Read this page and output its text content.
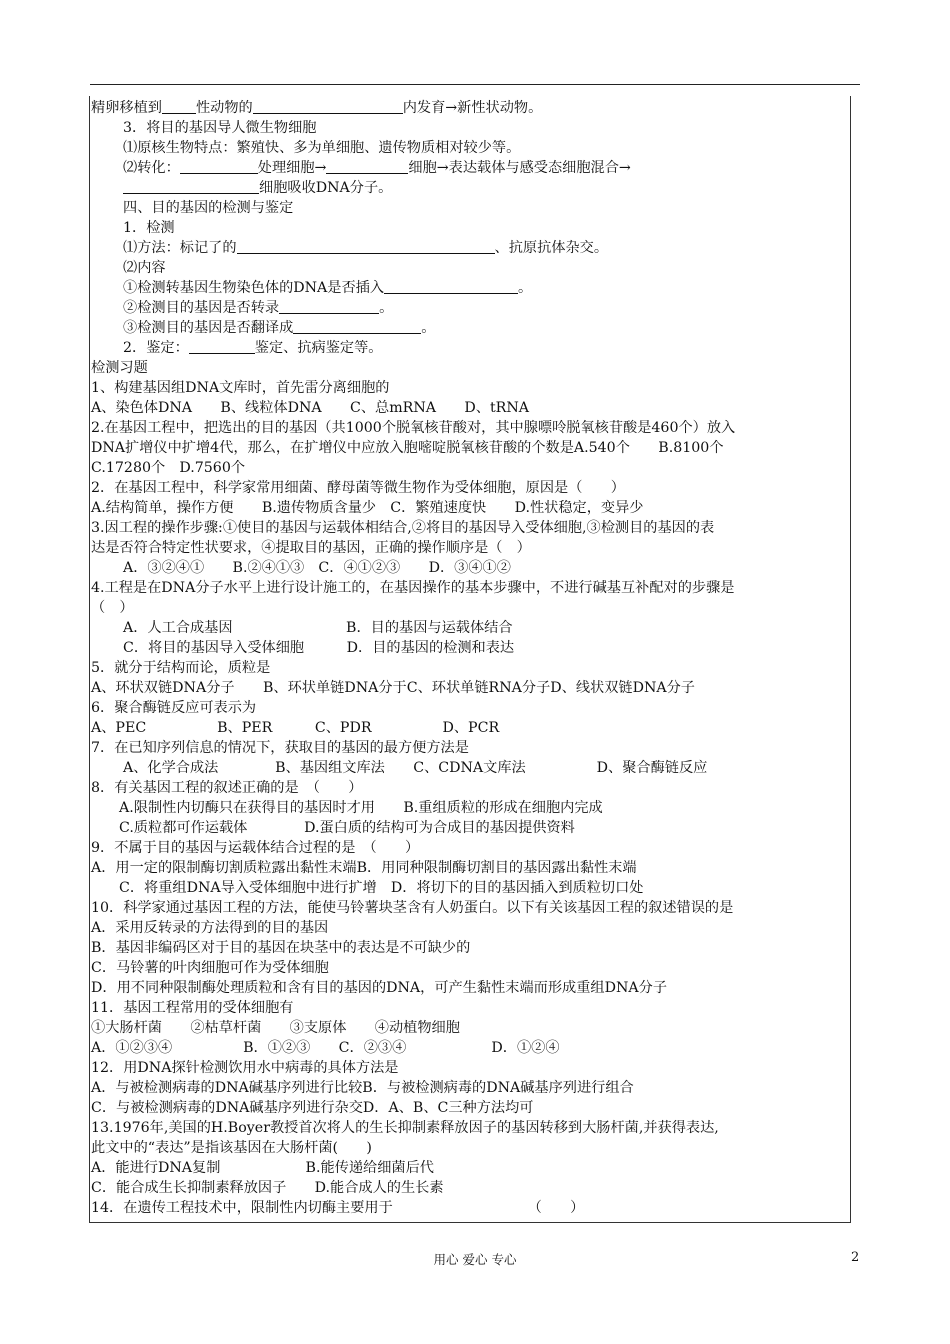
精卵移植到 性动物的	内发育→新性状动物。
3．将目的基因导人微生物细胞
⑴原核生物特点：繁殖快、多为单细胞、遗传物质相对较少等。
⑵转化：	处理细胞→	细胞→表达载体与感受态细胞混合→
细胞吸收DNA分子。
四、目的基因的检测与鉴定
1．检测
⑴方法：标记了的	、抗原抗体杂交。
⑵内容
①检测转基因生物染色体的DNA是否插入	。
②检测目的基因是否转录	。
③检测目的基因是否翻译成	。
2．鉴定：	鉴定、抗病鉴定等。
检测习题
1、构建基因组DNA文库时，首先雷分离细胞的
A、染色体DNA　　B、线粒体DNA　　C、总mRNA　　D、tRNA
2.在基因工程中，把选出的目的基因（共1000个脱氧核苷酸对，其中腺嘌呤脱氧核苷酸是460个）放入
DNA扩增仪中扩增4代，那么，在扩增仪中应放入胞嘧啶脱氧核苷酸的个数是A.540个　　B.8100个
C.17280个　D.7560个
2．在基因工程中，科学家常用细菌、酵母菌等微生物作为受体细胞，原因是（　　）
A.结构简单，操作方便　　B.遗传物质含量少　C．繁殖速度快　　D.性状稳定，变异少
3.因工程的操作步骤:①使目的基因与运载体相结合,②将目的基因导入受体细胞,③检测目的基因的表
达是否符合特定性状要求，④提取目的基因，正确的操作顺序是（　）
A．③②④①　　B.②④①③　C．④①②③　　D．③④①②
4.工程是在DNA分子水平上进行设计施工的，在基因操作的基本步骤中，不进行碱基互补配对的步骤是
（　）
A．人工合成基因　　　　　　　　B．目的基因与运载体结合
C．将目的基因导入受体细胞　　　D．目的基因的检测和表达
5．就分于结构而论，质粒是
A、环状双链DNA分子　　B、环状单链DNA分于C、环状单链RNA分子D、线状双链DNA分子
6．聚合酶链反应可表示为
A、PEC　　　　　B、PER　　　C、PDR　　　　　D、PCR
7．在已知序列信息的情况下，获取目的基因的最方便方法是
A、化学合成法　　　　B、基因组文库法　　C、CDNA文库法　　　　　D、聚合酶链反应
8．有关基因工程的叙述正确的是　（　　）
A.限制性内切酶只在获得目的基因时才用　　B.重组质粒的形成在细胞内完成
C.质粒都可作运载体　　　　D.蛋白质的结构可为合成目的基因提供资料
9．不属于目的基因与运载体结合过程的是　（　　）
A．用一定的限制酶切割质粒露出黏性末端B．用同种限制酶切割目的基因露出黏性末端
C．将重组DNA导入受体细胞中进行扩增　D．将切下的目的基因插入到质粒切口处
10．科学家通过基因工程的方法，能使马铃薯块茎含有人奶蛋白。以下有关该基因工程的叙述错误的是
A．采用反转录的方法得到的目的基因
B．基因非编码区对于目的基因在块茎中的表达是不可缺少的
C．马铃薯的叶肉细胞可作为受体细胞
D．用不同种限制酶处理质粒和含有目的基因的DNA，可产生黏性末端而形成重组DNA分子
11．基因工程常用的受体细胞有
①大肠杆菌　　②枯草杆菌　　③支原体　　④动植物细胞
A．①②③④　　　　　B．①②③　　C．②③④　　　　　　D．①②④
12．用DNA探针检测饮用水中病毒的具体方法是
A．与被检测病毒的DNA碱基序列进行比较B．与被检测病毒的DNA碱基序列进行组合
C．与被检测病毒的DNA碱基序列进行杂交D．A、B、C三种方法均可
13.1976年,美国的H.Boyer教授首次将人的生长抑制素释放因子的基因转移到大肠杆菌,并获得表达,
此文中的“表达”是指该基因在大肠杆菌(　　)
A．能进行DNA复制　　　　　　B.能传递给细菌后代
C．能合成生长抑制素释放因子　　D.能合成人的生长素
14．在遗传工程技术中，限制性内切酶主要用于　　　　　　　　　　（　　）
用心 爱心 专心	2
